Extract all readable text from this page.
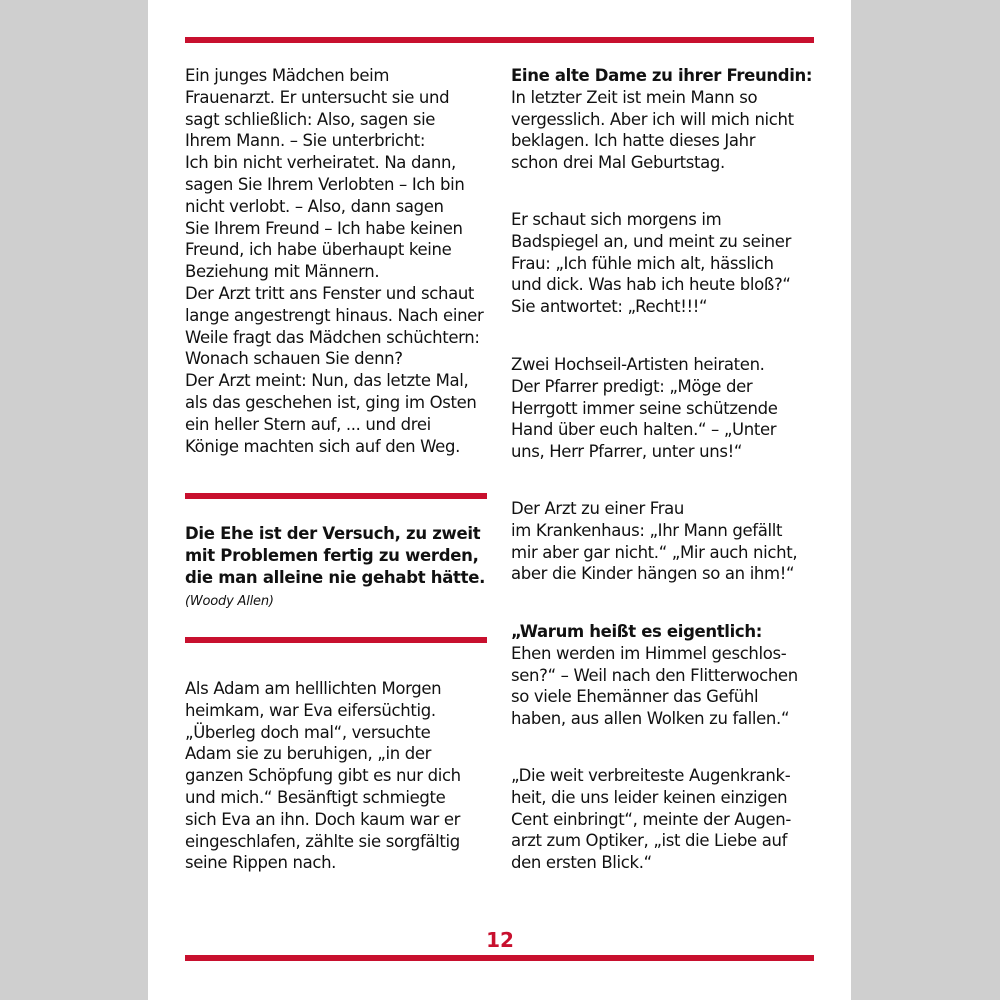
Ein junges Mädchen beim
Frauenarzt. Er untersucht sie und
sagt schließlich: Also, sagen sie
Ihrem Mann. – Sie unterbricht:
Ich bin nicht verheiratet. Na dann,
sagen Sie Ihrem Verlobten – Ich bin
nicht verlobt. – Also, dann sagen
Sie Ihrem Freund – Ich habe keinen
Freund, ich habe überhaupt keine
Beziehung mit Männern.
Der Arzt tritt ans Fenster und schaut
lange angestrengt hinaus. Nach einer
Weile fragt das Mädchen schüchtern:
Wonach schauen Sie denn?
Der Arzt meint: Nun, das letzte Mal,
als das geschehen ist, ging im Osten
ein heller Stern auf, ... und drei
Könige machten sich auf den Weg.
Die Ehe ist der Versuch, zu zweit
mit Problemen fertig zu werden,
die man alleine nie gehabt hätte.
(Woody Allen)
Als Adam am helllichten Morgen
heimkam, war Eva eifersüchtig.
„Überleg doch mal“, versuchte
Adam sie zu beruhigen, „in der
ganzen Schöpfung gibt es nur dich
und mich.“ Besänftigt schmiegte
sich Eva an ihn. Doch kaum war er
eingeschlafen, zählte sie sorgfältig
seine Rippen nach.
Eine alte Dame zu ihrer Freundin:
In letzter Zeit ist mein Mann so
vergesslich. Aber ich will mich nicht
beklagen. Ich hatte dieses Jahr
schon drei Mal Geburtstag.
Er schaut sich morgens im
Badspiegel an, und meint zu seiner
Frau: „Ich fühle mich alt, hässlich
und dick. Was hab ich heute bloß?“
Sie antwortet: „Recht!!!“
Zwei Hochseil-Artisten heiraten.
Der Pfarrer predigt: „Möge der
Herrgott immer seine schützende
Hand über euch halten.“ – „Unter
uns, Herr Pfarrer, unter uns!“
Der Arzt zu einer Frau
im Krankenhaus: „Ihr Mann gefällt
mir aber gar nicht.“ „Mir auch nicht,
aber die Kinder hängen so an ihm!“
„Warum heißt es eigentlich:
Ehen werden im Himmel geschlos-
sen?“ – Weil nach den Flitterwochen
so viele Ehemänner das Gefühl
haben, aus allen Wolken zu fallen.“
„Die weit verbreiteste Augenkrank-
heit, die uns leider keinen einzigen
Cent einbringt“, meinte der Augen-
arzt zum Optiker, „ist die Liebe auf
den ersten Blick.“
12
